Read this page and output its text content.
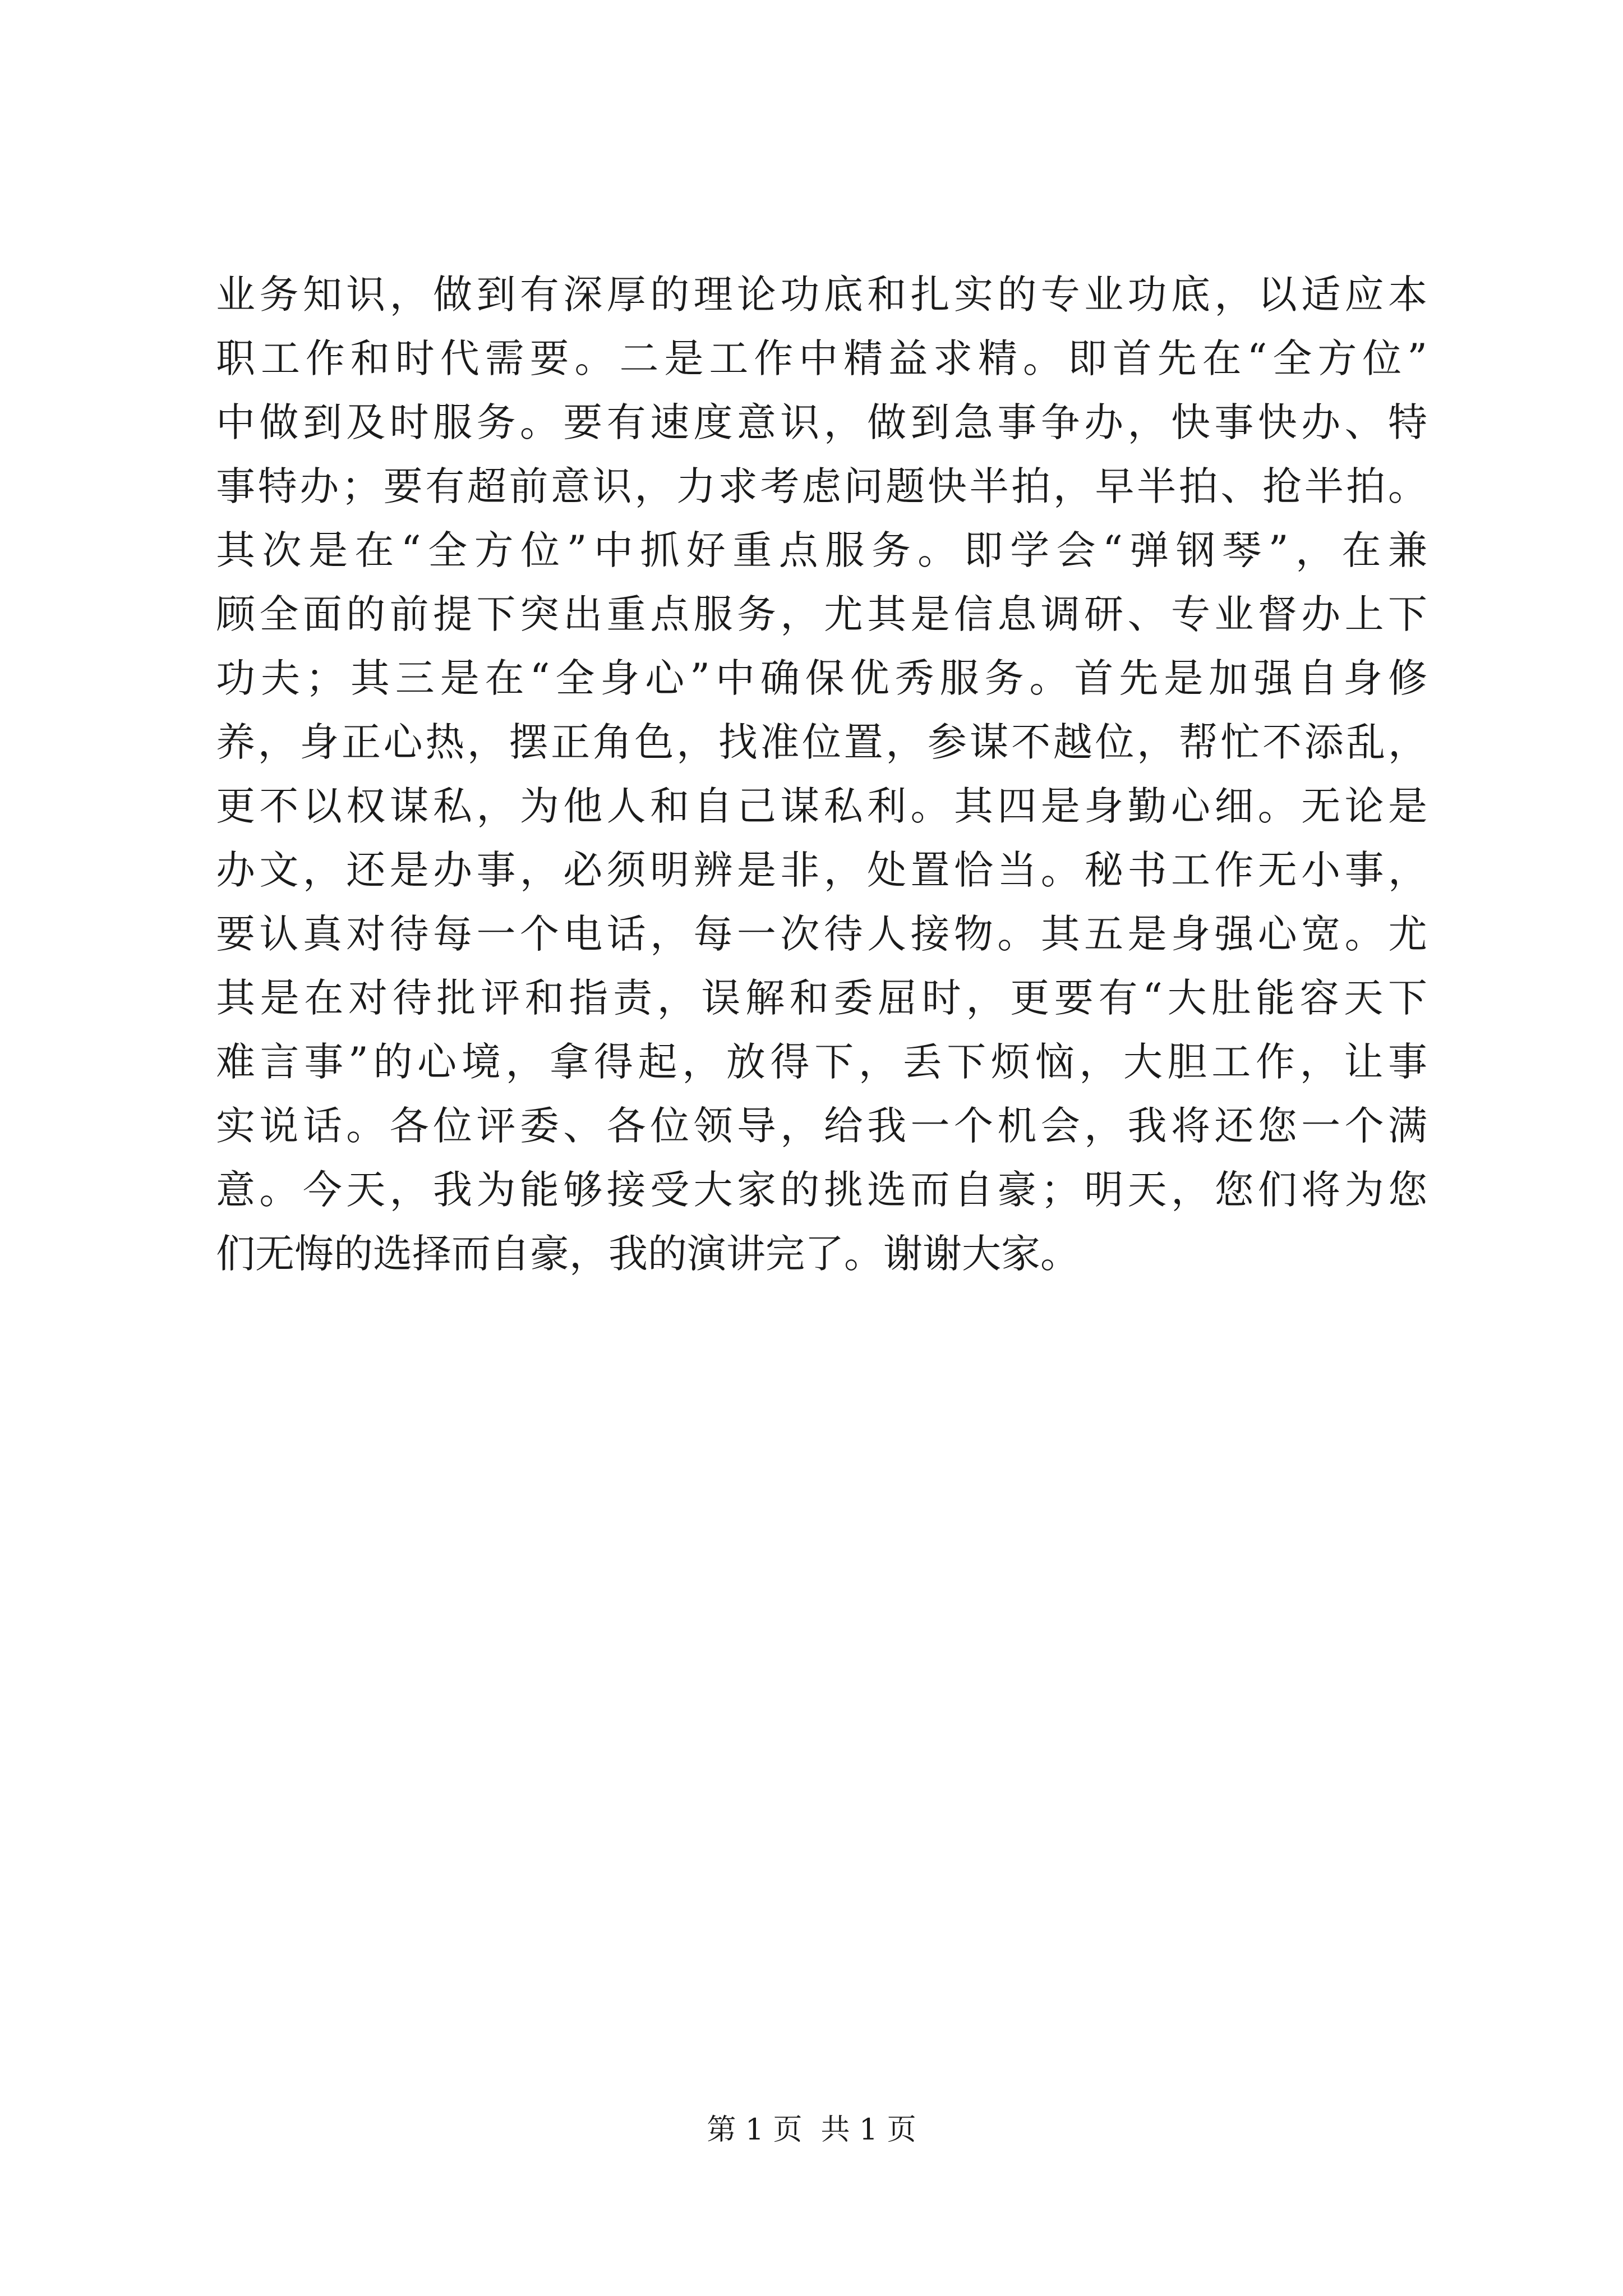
业务知识，做到有深厚的理论功底和扎实的专业功底，以适应本
职工作和时代需要。二是工作中精益求精。即首先在“全方位”
中做到及时服务。要有速度意识，做到急事争办，快事快办、特
事特办；要有超前意识，力求考虑问题快半拍，早半拍、抢半拍。
其次是在“全方位”中抓好重点服务。即学会“弹钢琴”，在兼
顾全面的前提下突出重点服务，尤其是信息调研、专业督办上下
功夫；其三是在“全身心”中确保优秀服务。首先是加强自身修
养，身正心热，摆正角色，找准位置，参谋不越位，帮忙不添乱，
更不以权谋私，为他人和自己谋私利。其四是身勤心细。无论是
办文，还是办事，必须明辨是非，处置恰当。秘书工作无小事，
要认真对待每一个电话，每一次待人接物。其五是身强心宽。尤
其是在对待批评和指责，误解和委屈时，更要有“大肚能容天下
难言事”的心境，拿得起，放得下，丢下烦恼，大胆工作，让事
实说话。各位评委、各位领导，给我一个机会，我将还您一个满
意。今天，我为能够接受大家的挑选而自豪；明天，您们将为您
们无悔的选择而自豪，我的演讲完了。谢谢大家。
第 1 页  共 1 页
